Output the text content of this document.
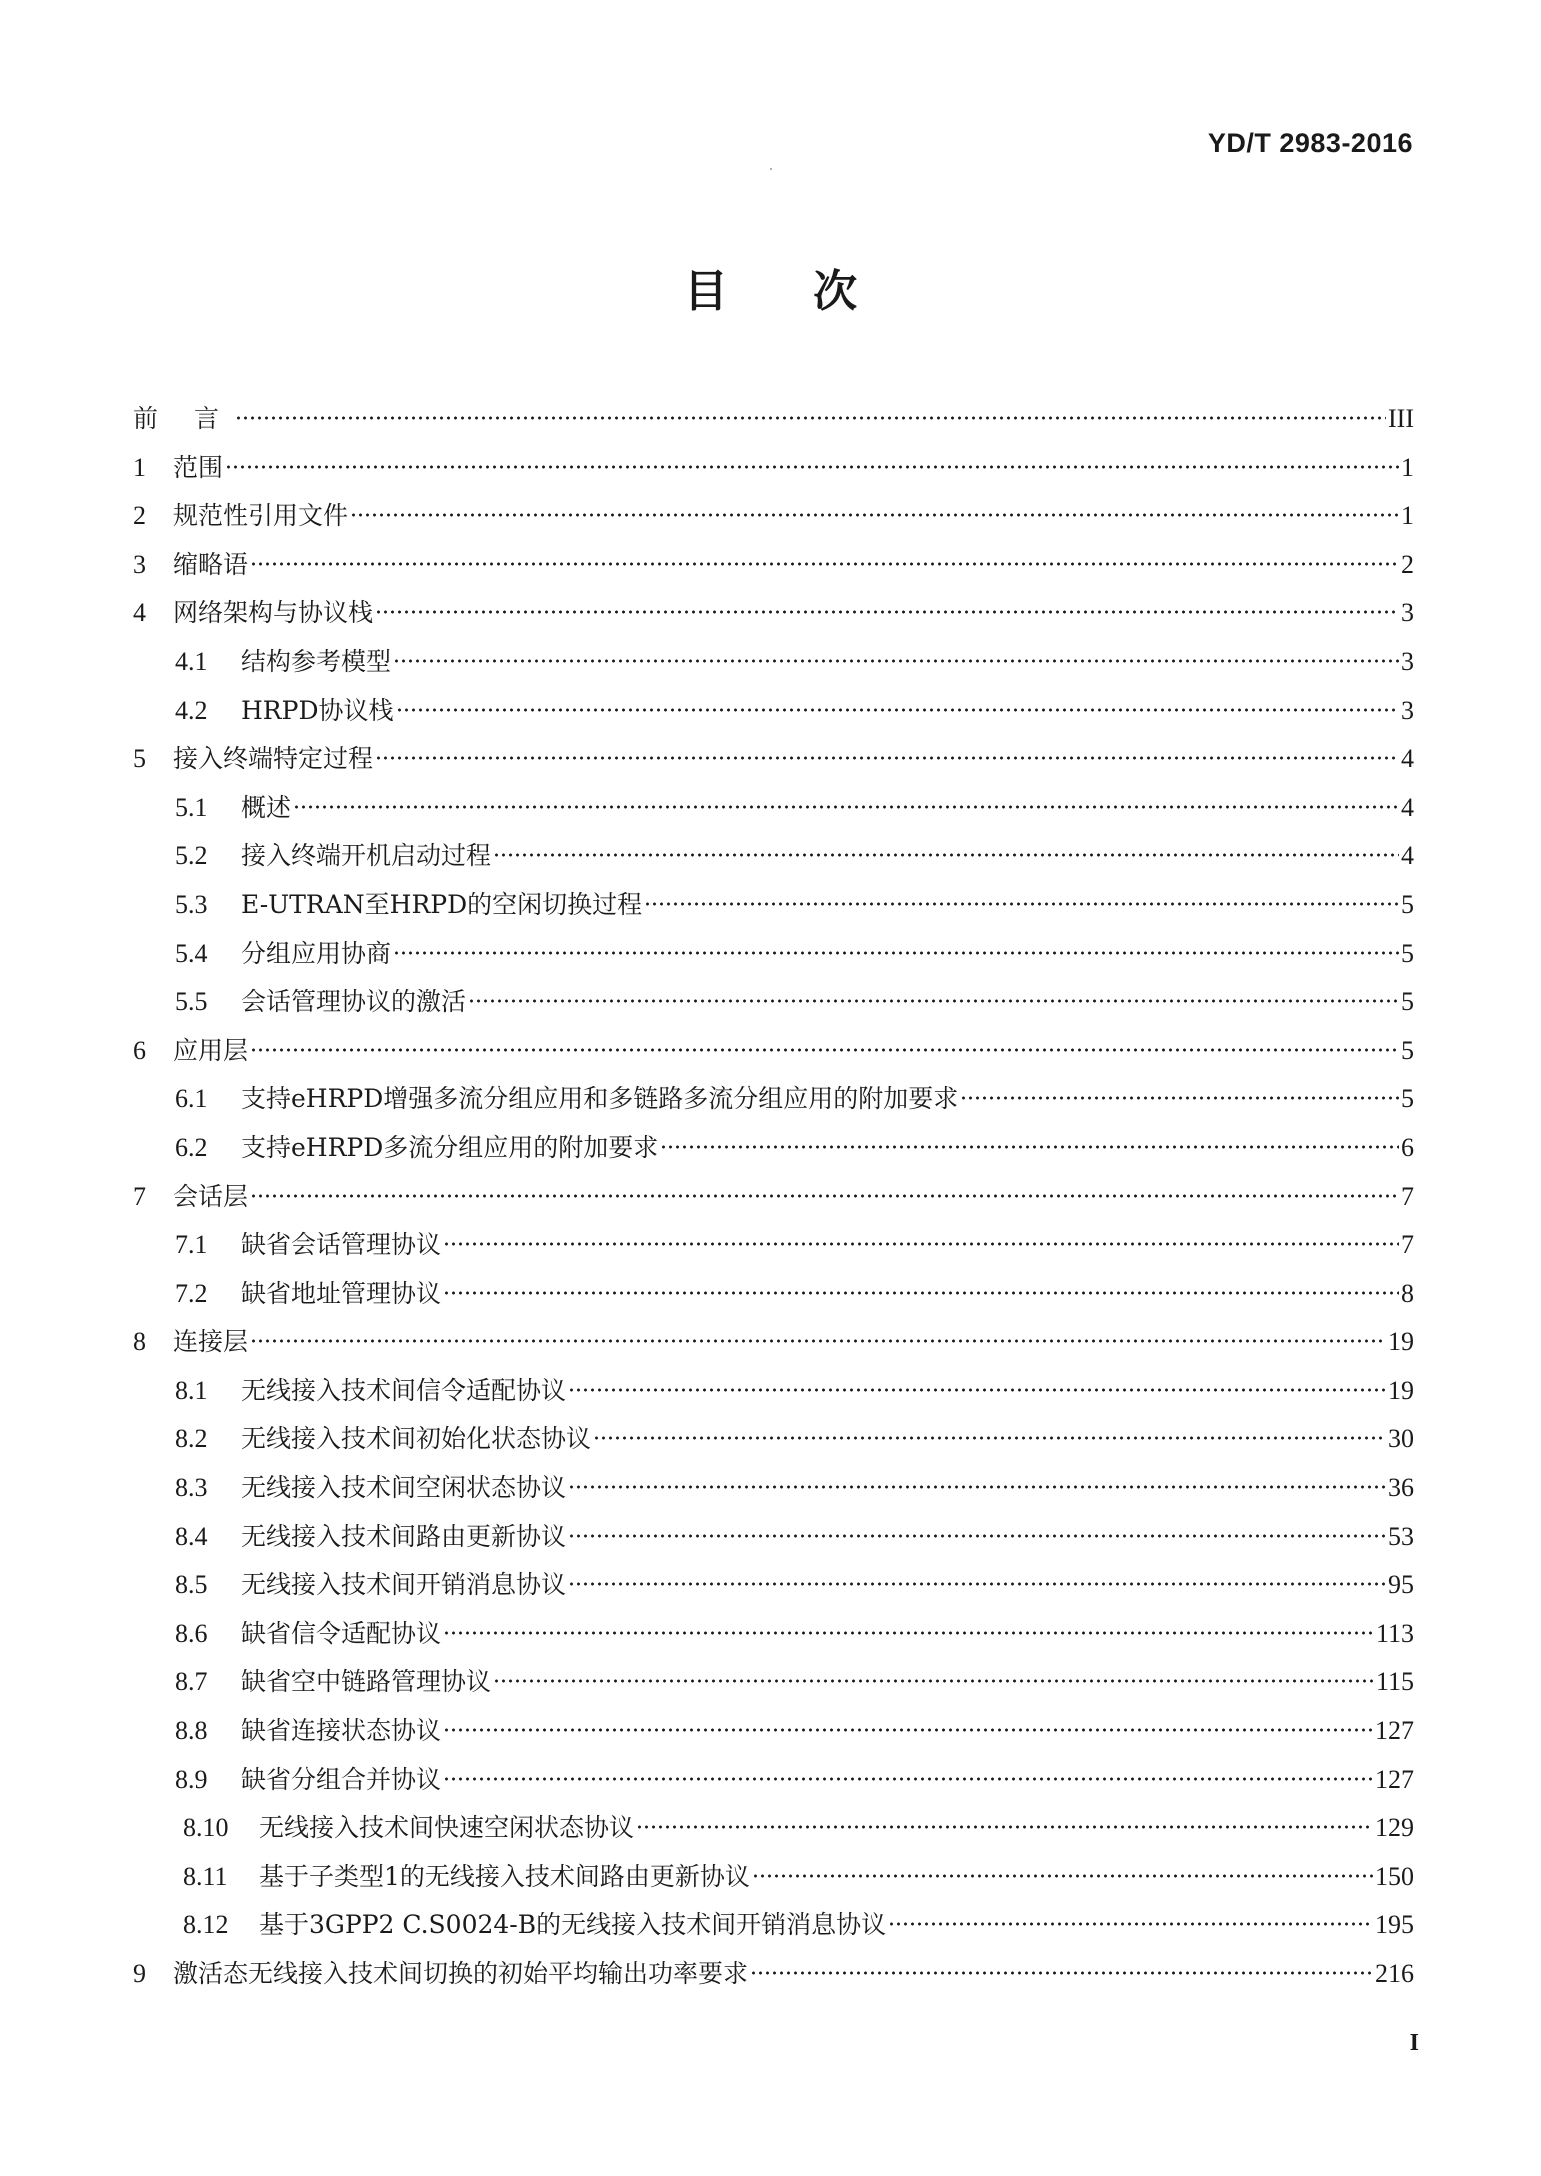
YD/T 2983-2016
目 次
前 言	III
1	范围	1
2	规范性引用文件	1
3	缩略语	2
4	网络架构与协议栈	3
4.1	结构参考模型	3
4.2	HRPD协议栈	3
5	接入终端特定过程	4
5.1	概述	4
5.2	接入终端开机启动过程	4
5.3	E-UTRAN至HRPD的空闲切换过程	5
5.4	分组应用协商	5
5.5	会话管理协议的激活	5
6	应用层	5
6.1	支持eHRPD增强多流分组应用和多链路多流分组应用的附加要求	5
6.2	支持eHRPD多流分组应用的附加要求	6
7	会话层	7
7.1	缺省会话管理协议	7
7.2	缺省地址管理协议	8
8	连接层	19
8.1	无线接入技术间信令适配协议	19
8.2	无线接入技术间初始化状态协议	30
8.3	无线接入技术间空闲状态协议	36
8.4	无线接入技术间路由更新协议	53
8.5	无线接入技术间开销消息协议	95
8.6	缺省信令适配协议	113
8.7	缺省空中链路管理协议	115
8.8	缺省连接状态协议	127
8.9	缺省分组合并协议	127
8.10	无线接入技术间快速空闲状态协议	129
8.11	基于子类型1的无线接入技术间路由更新协议	150
8.12	基于3GPP2 C.S0024-B的无线接入技术间开销消息协议	195
9	激活态无线接入技术间切换的初始平均输出功率要求	216
I
